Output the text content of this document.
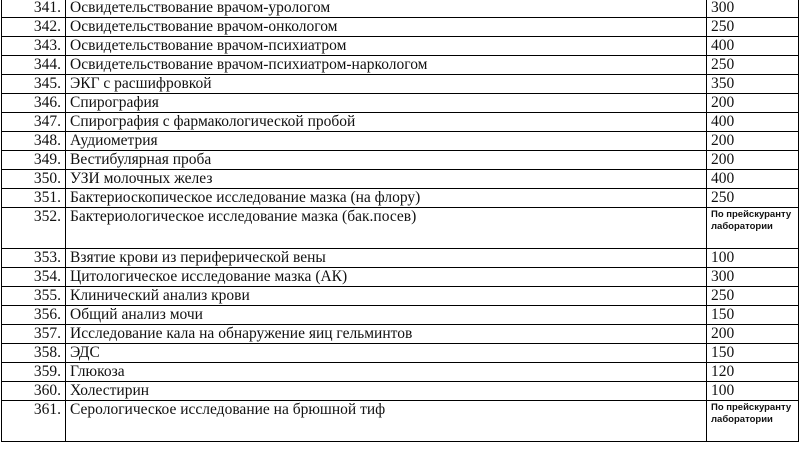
341.	Освидетельствование врачом-урологом	300
342.	Освидетельствование врачом-онкологом	250
343.	Освидетельствование врачом-психиатром	400
344.	Освидетельствование врачом-психиатром-наркологом	250
345.	ЭКГ с расшифровкой	350
346.	Спирография	200
347.	Спирография с фармакологической пробой	400
348.	Аудиометрия	200
349.	Вестибулярная проба	200
350.	УЗИ молочных желез	400
351.	Бактериоскопическое исследование мазка (на флору)	250
352.	Бактериологическое исследование мазка (бак.посев)	По прейскуранту лаборатории

353.	Взятие крови из периферической вены	100
354.	Цитологическое исследование мазка (АК)	300
355.	Клинический анализ крови	250
356.	Общий анализ мочи	150
357.	Исследование кала на обнаружение яиц гельминтов	200
358.	ЭДС	150
359.	Глюкоза	120
360.	Холестирин	100
361.	Серологическое исследование на брюшной тиф	По прейскуранту лаборатории
